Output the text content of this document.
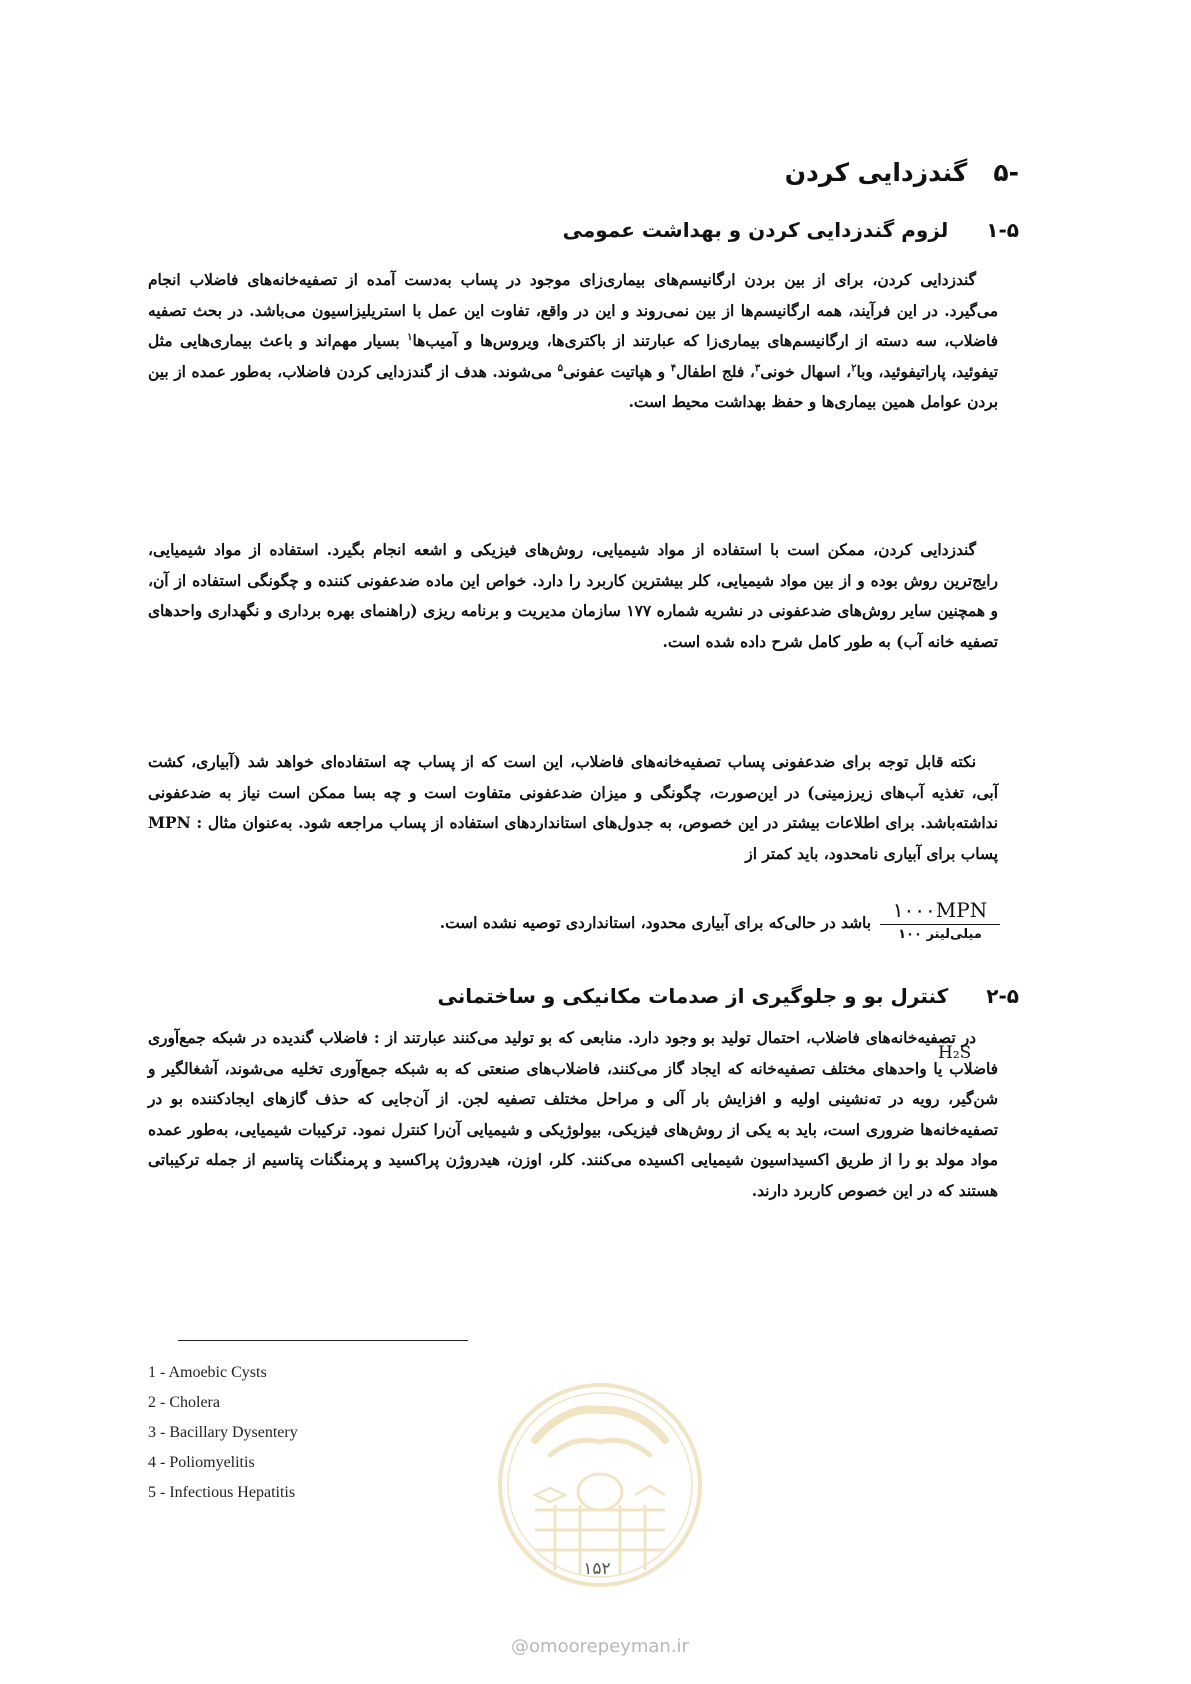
-۵
گندزدایی کردن
۱-۵
لزوم گندزدایی کردن و بهداشت عمومی

گندزدایی کردن، برای از بین بردن ارگانیسم‌های بیماری‌زای موجود در پساب به‌دست آمده از تصفیه‌خانه‌های فاضلاب انجام می‌گیرد. در این فرآیند، همه ارگانیسم‌ها از بین نمی‌روند و این در واقع، تفاوت این عمل با استریلیزاسیون می‌باشد. در بحث تصفیه فاضلاب، سه دسته از ارگانیسم‌های بیماری‌زا که عبارتند از باکتری‌ها، ویروس‌ها و آمیب‌ها$^۱$ بسیار مهم‌اند و باعث بیماری‌هایی مثل تیفوئید، پاراتیفوئید، وبا$^۲$، اسهال خونی$^۳$، فلج اطفال$^۴$ و هپاتیت عفونی$^۵$ می‌شوند. هدف از گندزدایی کردن فاضلاب، به‌طور عمده از بین بردن عوامل همین بیماری‌ها و حفظ بهداشت محیط است.

گندزدایی کردن، ممکن است با استفاده از مواد شیمیایی، روش‌های فیزیکی و اشعه انجام بگیرد. استفاده از مواد شیمیایی، رایج‌ترین روش بوده و از بین مواد شیمیایی، کلر بیشترین کاربرد را دارد. خواص این ماده ضدعفونی کننده و چگونگی استفاده از آن، و همچنین سایر روش‌های ضدعفونی در نشریه شماره ۱۷۷ سازمان مدیریت و برنامه ریزی (راهنمای بهره برداری و نگهداری واحدهای تصفیه خانه آب) به طور کامل شرح داده شده است.

نکته قابل توجه برای ضدعفونی پساب تصفیه‌خانه‌های فاضلاب، این است که از پساب چه استفاده‌ای خواهد شد (آبیاری، کشت آبی، تغذیه آب‌های زیرزمینی) در این‌صورت، چگونگی و میزان ضدعفونی متفاوت است و چه بسا ممکن است نیاز به ضدعفونی نداشته‌باشد. برای اطلاعات بیشتر در این خصوص، به جدول‌های استانداردهای استفاده از پساب مراجعه شود. به‌عنوان مثال : MPN پساب برای آبیاری نامحدود، باید کمتر از

۱۰۰۰MPN
میلی‌لیتر ۱۰۰
باشد در حالی‌که برای آبیاری محدود، استانداردی توصیه نشده است.
۲-۵
کنترل بو و جلوگیری از صدمات مکانیکی و ساختمانی

در تصفیه‌خانه‌های فاضلاب، احتمال تولید بو وجود دارد. منابعی که بو تولید می‌کنند عبارتند از : فاضلاب گندیده در شبکه جمع‌آوری فاضلاب یا واحدهای مختلف تصفیه‌خانه که ایجاد گاز می‌کنند، فاضلاب‌های صنعتی که به شبکه جمع‌آوری تخلیه می‌شوند، آشغالگیر و شن‌گیر، رویه در ته‌نشینی اولیه و افزایش بار آلی و مراحل مختلف تصفیه لجن. از آن‌جایی که حذف گازهای ایجادکننده بو در تصفیه‌خانه‌ها ضروری است، باید به یکی از روش‌های فیزیکی، بیولوژیکی و شیمیایی آن‌را کنترل نمود. ترکیبات شیمیایی، به‌طور عمده مواد مولد بو را از طریق اکسیداسیون شیمیایی اکسیده می‌کنند. کلر، اوزن، هیدروژن پراکسید و پرمنگنات پتاسیم از جمله ترکیباتی هستند که در این خصوص کاربرد دارند.

H₂S
1 - Amoebic Cysts
2 - Cholera
3 - Bacillary Dysentery
4 - Poliomyelitis
5 - Infectious Hepatitis
۱۵۲
@omoorepeyman.ir
